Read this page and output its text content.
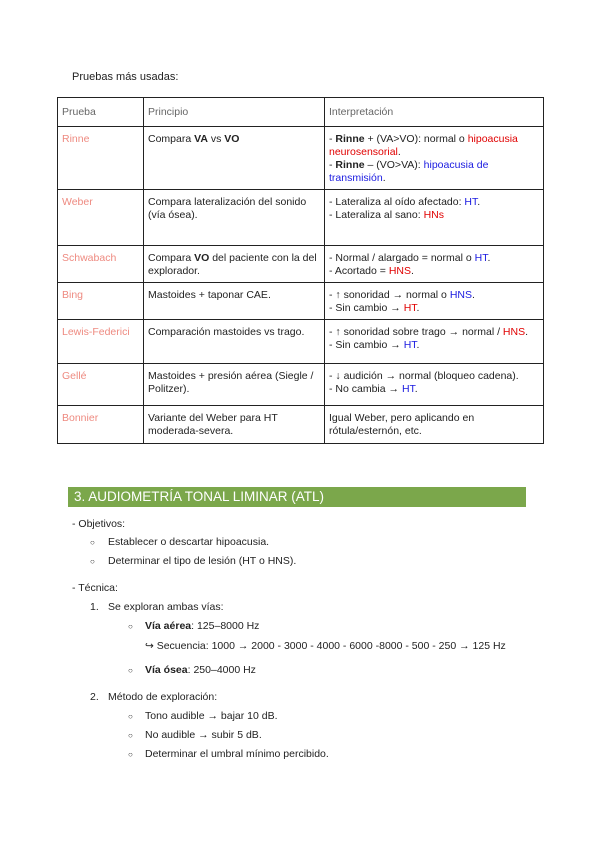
Pruebas más usadas:
Prueba	Principio	Interpretación
Rinne	Compara VA vs VO	- Rinne + (VA>VO): normal o hipoacusia neurosensorial.
- Rinne – (VO>VA): hipoacusia de transmisión.

Weber	Compara lateralización del sonido (vía ósea).	- Lateraliza al oído afectado: HT.
- Lateraliza al sano: HNs

Schwabach	Compara VO del paciente con la del explorador.	- Normal / alargado = normal o HT.
- Acortado = HNS.

Bing	Mastoides + taponar CAE.	- ↑ sonoridad → normal o HNS.
- Sin cambio → HT.

Lewis-Federici	Comparación mastoides vs trago.	- ↑ sonoridad sobre trago → normal / HNS.
- Sin cambio → HT.

Gellé	Mastoides + presión aérea (Siegle / Politzer).	- ↓ audición → normal (bloqueo cadena).
- No cambia → HT.

Bonnier	Variante del Weber para HT moderada-severa.	Igual Weber, pero aplicando en rótula/esternón, etc.
3. AUDIOMETRÍA TONAL LIMINAR (ATL)
- Objetivos:
○ Establecer o descartar hipoacusia.
○ Determinar el tipo de lesión (HT o HNS).
- Técnica:
1. Se exploran ambas vías:
○ Vía aérea: 125–8000 Hz
↪ Secuencia: 1000 → 2000 - 3000 - 4000 - 6000 -8000 - 500 - 250 → 125 Hz
○ Vía ósea: 250–4000 Hz
2. Método de exploración:
○ Tono audible → bajar 10 dB.
○ No audible → subir 5 dB.
○ Determinar el umbral mínimo percibido.
